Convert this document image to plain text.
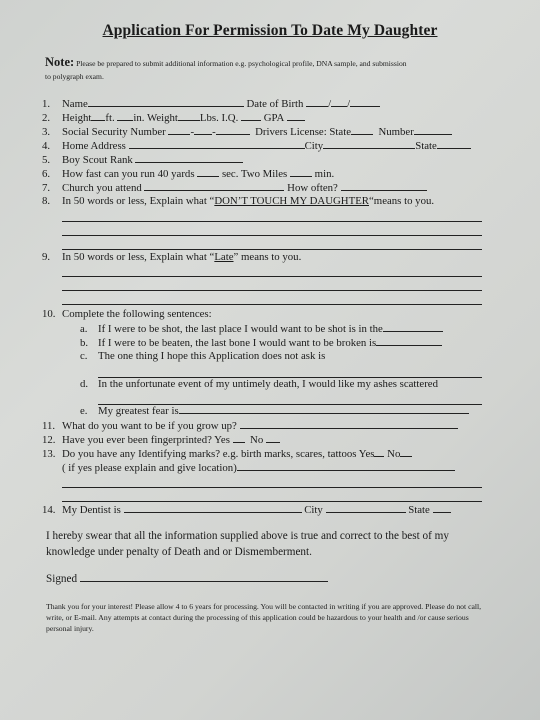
Application For Permission To Date My Daughter
Note: Please be prepared to submit additional information e.g. psychological profile, DNA sample, and submission
to polygraph exam.
1. Name	Date of Birth / /
2. Height ft. in. Weight Lbs. I.Q. GPA
3. Social Security Number - -	Drivers License: State	Number
4. Home Address	City	State
5. Boy Scout Rank
6. How fast can you run 40 yards	sec. Two Miles	min.
7. Church you attend	How often?
8. In 50 words or less, Explain what “DON’T TOUCH MY DAUGHTER“means to you.
9. In 50 words or less, Explain what “Late” means to you.
10. Complete the following sentences:
a. If I were to be shot, the last place I would want to be shot is in the
b. If I were to be beaten, the last bone I would want to be broken is
c. The one thing I hope this Application does not ask is
d. In the unfortunate event of my untimely death, I would like my ashes scattered
e. My greatest fear is
11. What do you want to be if you grow up?
12. Have you ever been fingerprinted? Yes No
13. Do you have any Identifying marks? e.g. birth marks, scares, tattoos Yes No
( if yes please explain and give location)
14. My Dentist is	City	State
I hereby swear that all the information supplied above is true and correct to the best of my knowledge under penalty of Death and or Dismemberment.
Signed
Thank you for your interest! Please allow 4 to 6 years for processing. You will be contacted in writing if you are approved. Please do not call, write, or E-mail. Any attempts at contact during the processing of this application could be hazardous to your health and /or cause serious personal injury.
